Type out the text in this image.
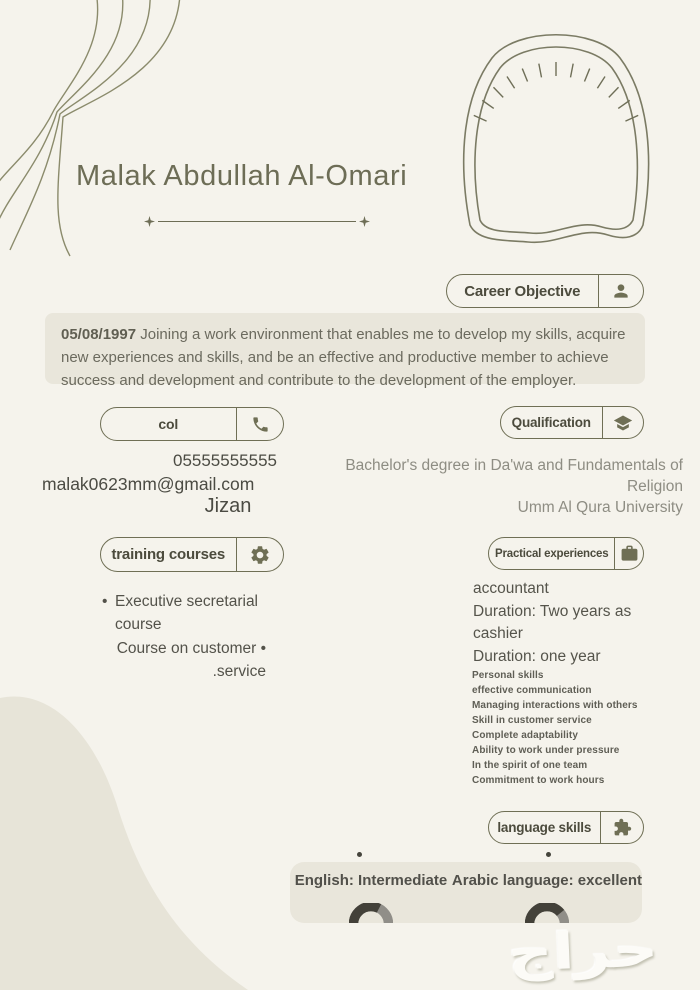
Malak Abdullah Al-Omari
Career Objective
05/08/1997 Joining a work environment that enables me to develop my skills, acquire new experiences and skills, and be an effective and productive member to achieve success and development and contribute to the development of the employer.
col
05555555555
malak0623mm@gmail.com
Jizan
Qualification
Bachelor's degree in Da'wa and Fundamentals of Religion
Umm Al Qura University
training courses
• Executive secretarial course
Course on customer •
.service
Practical experiences
accountant
Duration: Two years as
cashier
Duration: one year
Personal skills
effective communication
Managing interactions with others
Skill in customer service
Complete adaptability
Ability to work under pressure
In the spirit of one team
Commitment to work hours
language skills
English: Intermediate Arabic language: excellent
حراج
